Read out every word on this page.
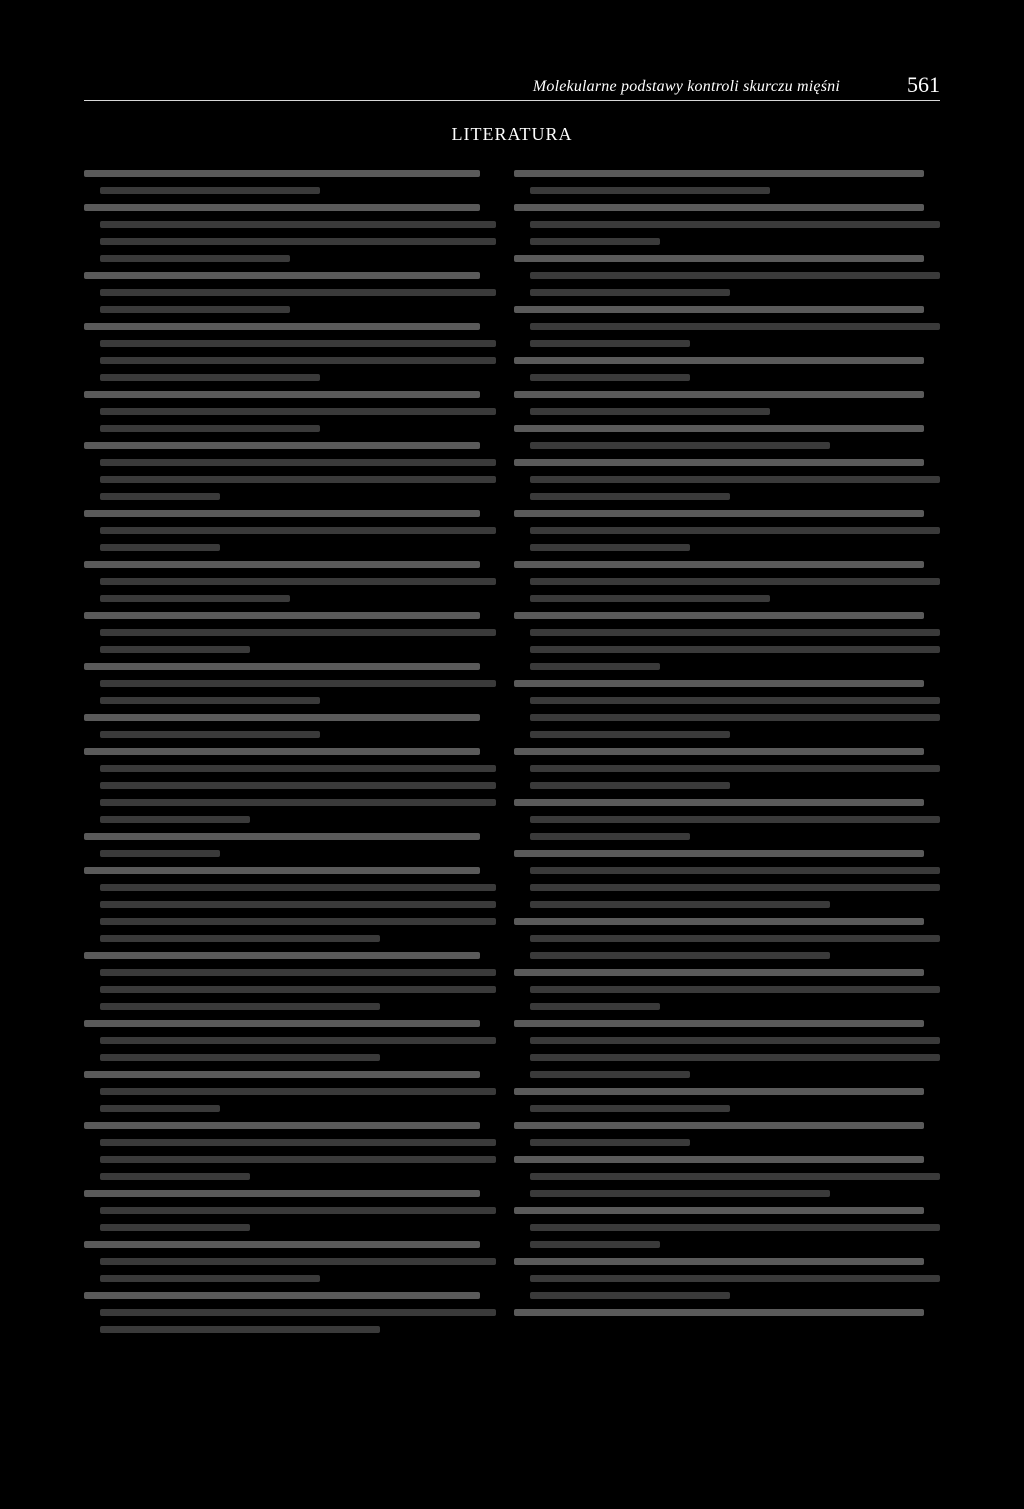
Molekularne podstawy kontroli skurczu mięśni	561
LITERATURA
